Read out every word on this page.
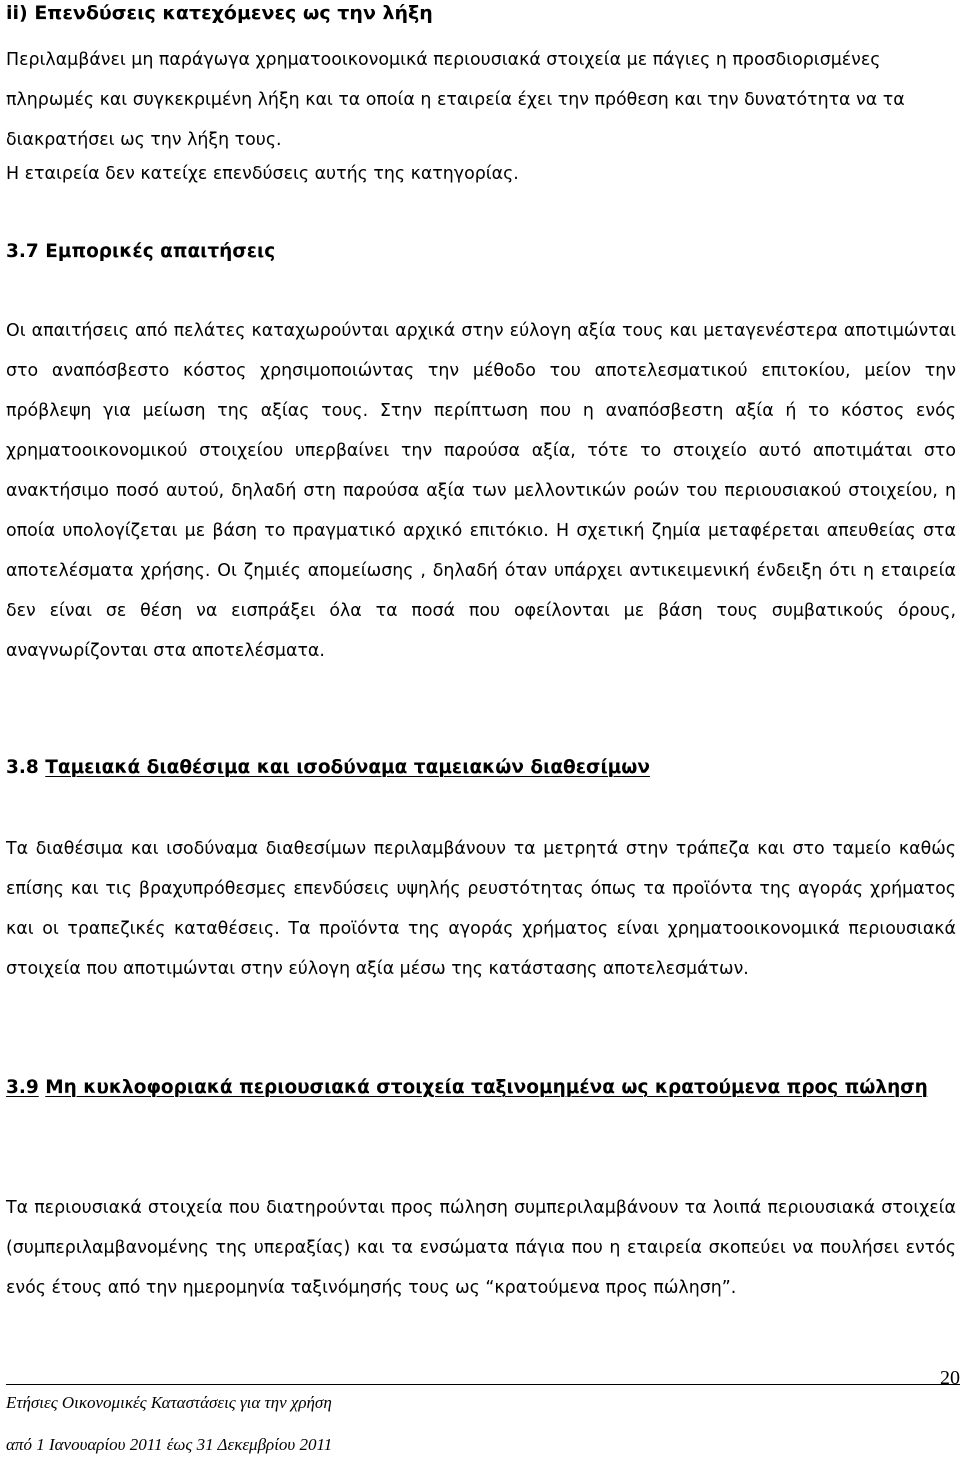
ii) Επενδύσεις κατεχόμενες ως την λήξη

Περιλαμβάνει μη παράγωγα χρηματοοικονομικά περιουσιακά στοιχεία με πάγιες η προσδιορισμένες πληρωμές και συγκεκριμένη λήξη και τα οποία η εταιρεία έχει την πρόθεση και την δυνατότητα να τα διακρατήσει ως την λήξη τους.

Η εταιρεία δεν κατείχε επενδύσεις αυτής της κατηγορίας.

3.7 Εμπορικές απαιτήσεις

Οι απαιτήσεις από πελάτες καταχωρούνται αρχικά στην εύλογη αξία τους και μεταγενέστερα αποτιμώνται στο αναπόσβεστο κόστος χρησιμοποιώντας την μέθοδο του αποτελεσματικού επιτοκίου, μείον την πρόβλεψη για μείωση της αξίας τους. Στην περίπτωση που η αναπόσβεστη αξία ή το κόστος ενός χρηματοοικονομικού στοιχείου υπερβαίνει την παρούσα αξία, τότε το στοιχείο αυτό αποτιμάται στο ανακτήσιμο ποσό αυτού, δηλαδή στη παρούσα αξία των μελλοντικών ροών του περιουσιακού στοιχείου, η οποία υπολογίζεται με βάση το πραγματικό αρχικό επιτόκιο. Η σχετική ζημία μεταφέρεται απευθείας στα αποτελέσματα χρήσης. Οι ζημιές απομείωσης , δηλαδή όταν υπάρχει αντικειμενική ένδειξη ότι η εταιρεία δεν είναι σε θέση να εισπράξει όλα τα ποσά που οφείλονται με βάση τους συμβατικούς όρους, αναγνωρίζονται στα αποτελέσματα.

3.8 Ταμειακά διαθέσιμα και ισοδύναμα ταμειακών διαθεσίμων

Τα διαθέσιμα και ισοδύναμα διαθεσίμων περιλαμβάνουν τα μετρητά στην τράπεζα και στο ταμείο καθώς επίσης και τις βραχυπρόθεσμες επενδύσεις υψηλής ρευστότητας όπως τα προϊόντα της αγοράς χρήματος και οι τραπεζικές καταθέσεις. Τα προϊόντα της αγοράς χρήματος είναι χρηματοοικονομικά περιουσιακά στοιχεία που αποτιμώνται στην εύλογη αξία μέσω της κατάστασης αποτελεσμάτων.

3.9 Μη κυκλοφοριακά περιουσιακά στοιχεία ταξινομημένα ως κρατούμενα προς πώληση

Τα περιουσιακά στοιχεία που διατηρούνται προς πώληση συμπεριλαμβάνουν τα λοιπά περιουσιακά στοιχεία (συμπεριλαμβανομένης της υπεραξίας) και τα ενσώματα πάγια που η εταιρεία σκοπεύει να πουλήσει εντός ενός έτους από την ημερομηνία ταξινόμησής τους ως “κρατούμενα προς πώληση”.

Ετήσιες Οικονομικές Καταστάσεις για την χρήση
20
από 1 Ιανουαρίου 2011 έως 31 Δεκεμβρίου 2011
